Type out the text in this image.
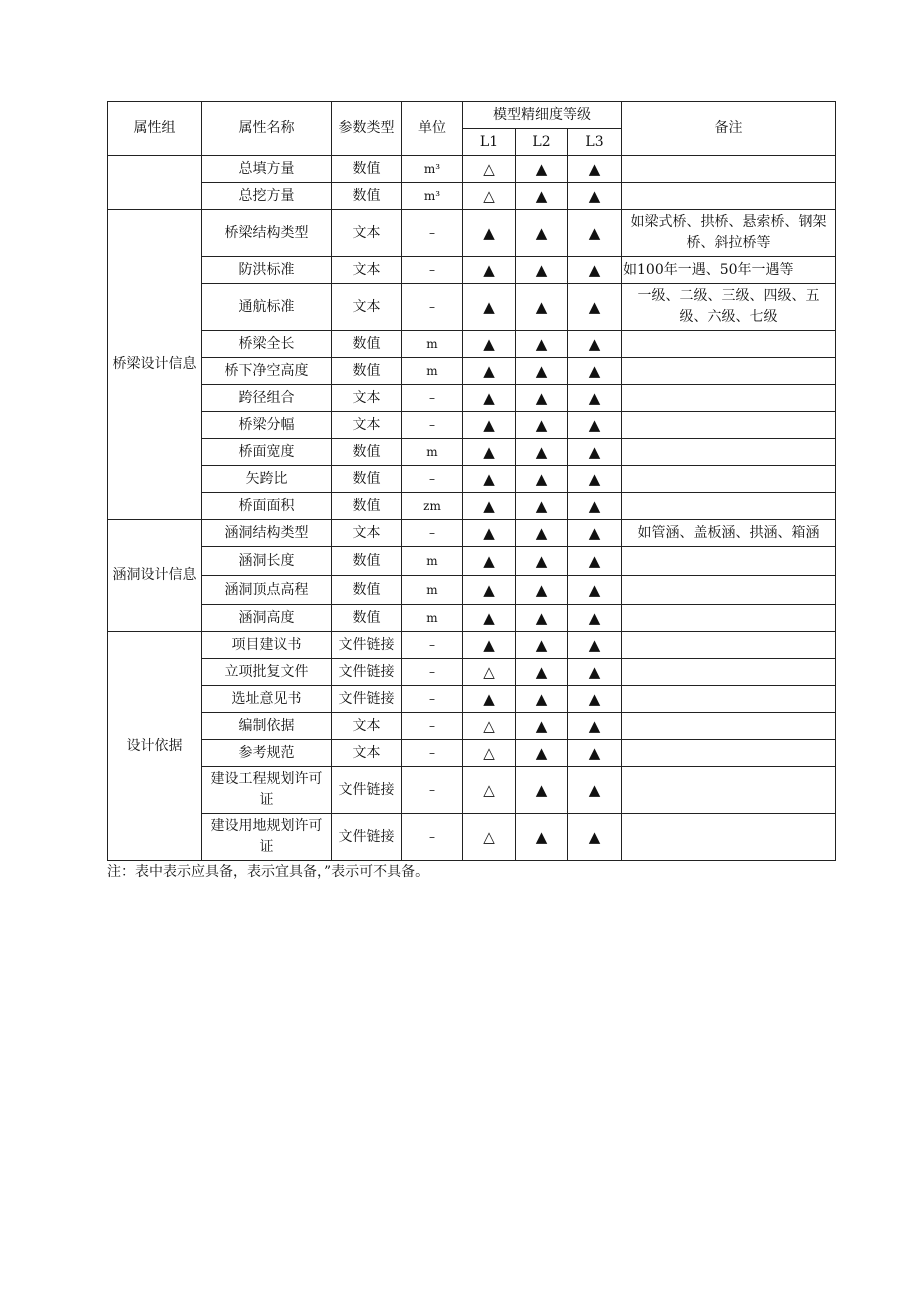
属性组	属性名称	参数类型	单位	模型精细度等级			备注
				L1	L2	L3	
	总填方量	数值	m³	△	▲	▲	
	总挖方量	数值	m³	△	▲	▲	
桥梁设计信息	桥梁结构类型	文本	–	▲	▲	▲	如梁式桥、拱桥、悬索桥、钢架桥、斜拉桥等
	防洪标准	文本	–	▲	▲	▲	如100年一遇、50年一遇等
	通航标准	文本	–	▲	▲	▲	一级、二级、三级、四级、五级、六级、七级
	桥梁全长	数值	m	▲	▲	▲	
	桥下净空高度	数值	m	▲	▲	▲	
	跨径组合	文本	–	▲	▲	▲	
	桥梁分幅	文本	–	▲	▲	▲	
	桥面宽度	数值	m	▲	▲	▲	
	矢跨比	数值	–	▲	▲	▲	
	桥面面积	数值	zm	▲	▲	▲	
涵洞设计信息	涵洞结构类型	文本	–	▲	▲	▲	如管涵、盖板涵、拱涵、箱涵
	涵洞长度	数值	m	▲	▲	▲	
	涵洞顶点高程	数值	m	▲	▲	▲	
	涵洞高度	数值	m	▲	▲	▲	
设计依据	项目建议书	文件链接	–	▲	▲	▲	
	立项批复文件	文件链接	–	△	▲	▲	
	选址意见书	文件链接	–	▲	▲	▲	
	编制依据	文本	–	△	▲	▲	
	参考规范	文本	–	△	▲	▲	
	建设工程规划许可证	文件链接	–	△	▲	▲	
	建设用地规划许可证	文件链接	–	△	▲	▲	
注：表中表示应具备，表示宜具备，”表示可不具备。
